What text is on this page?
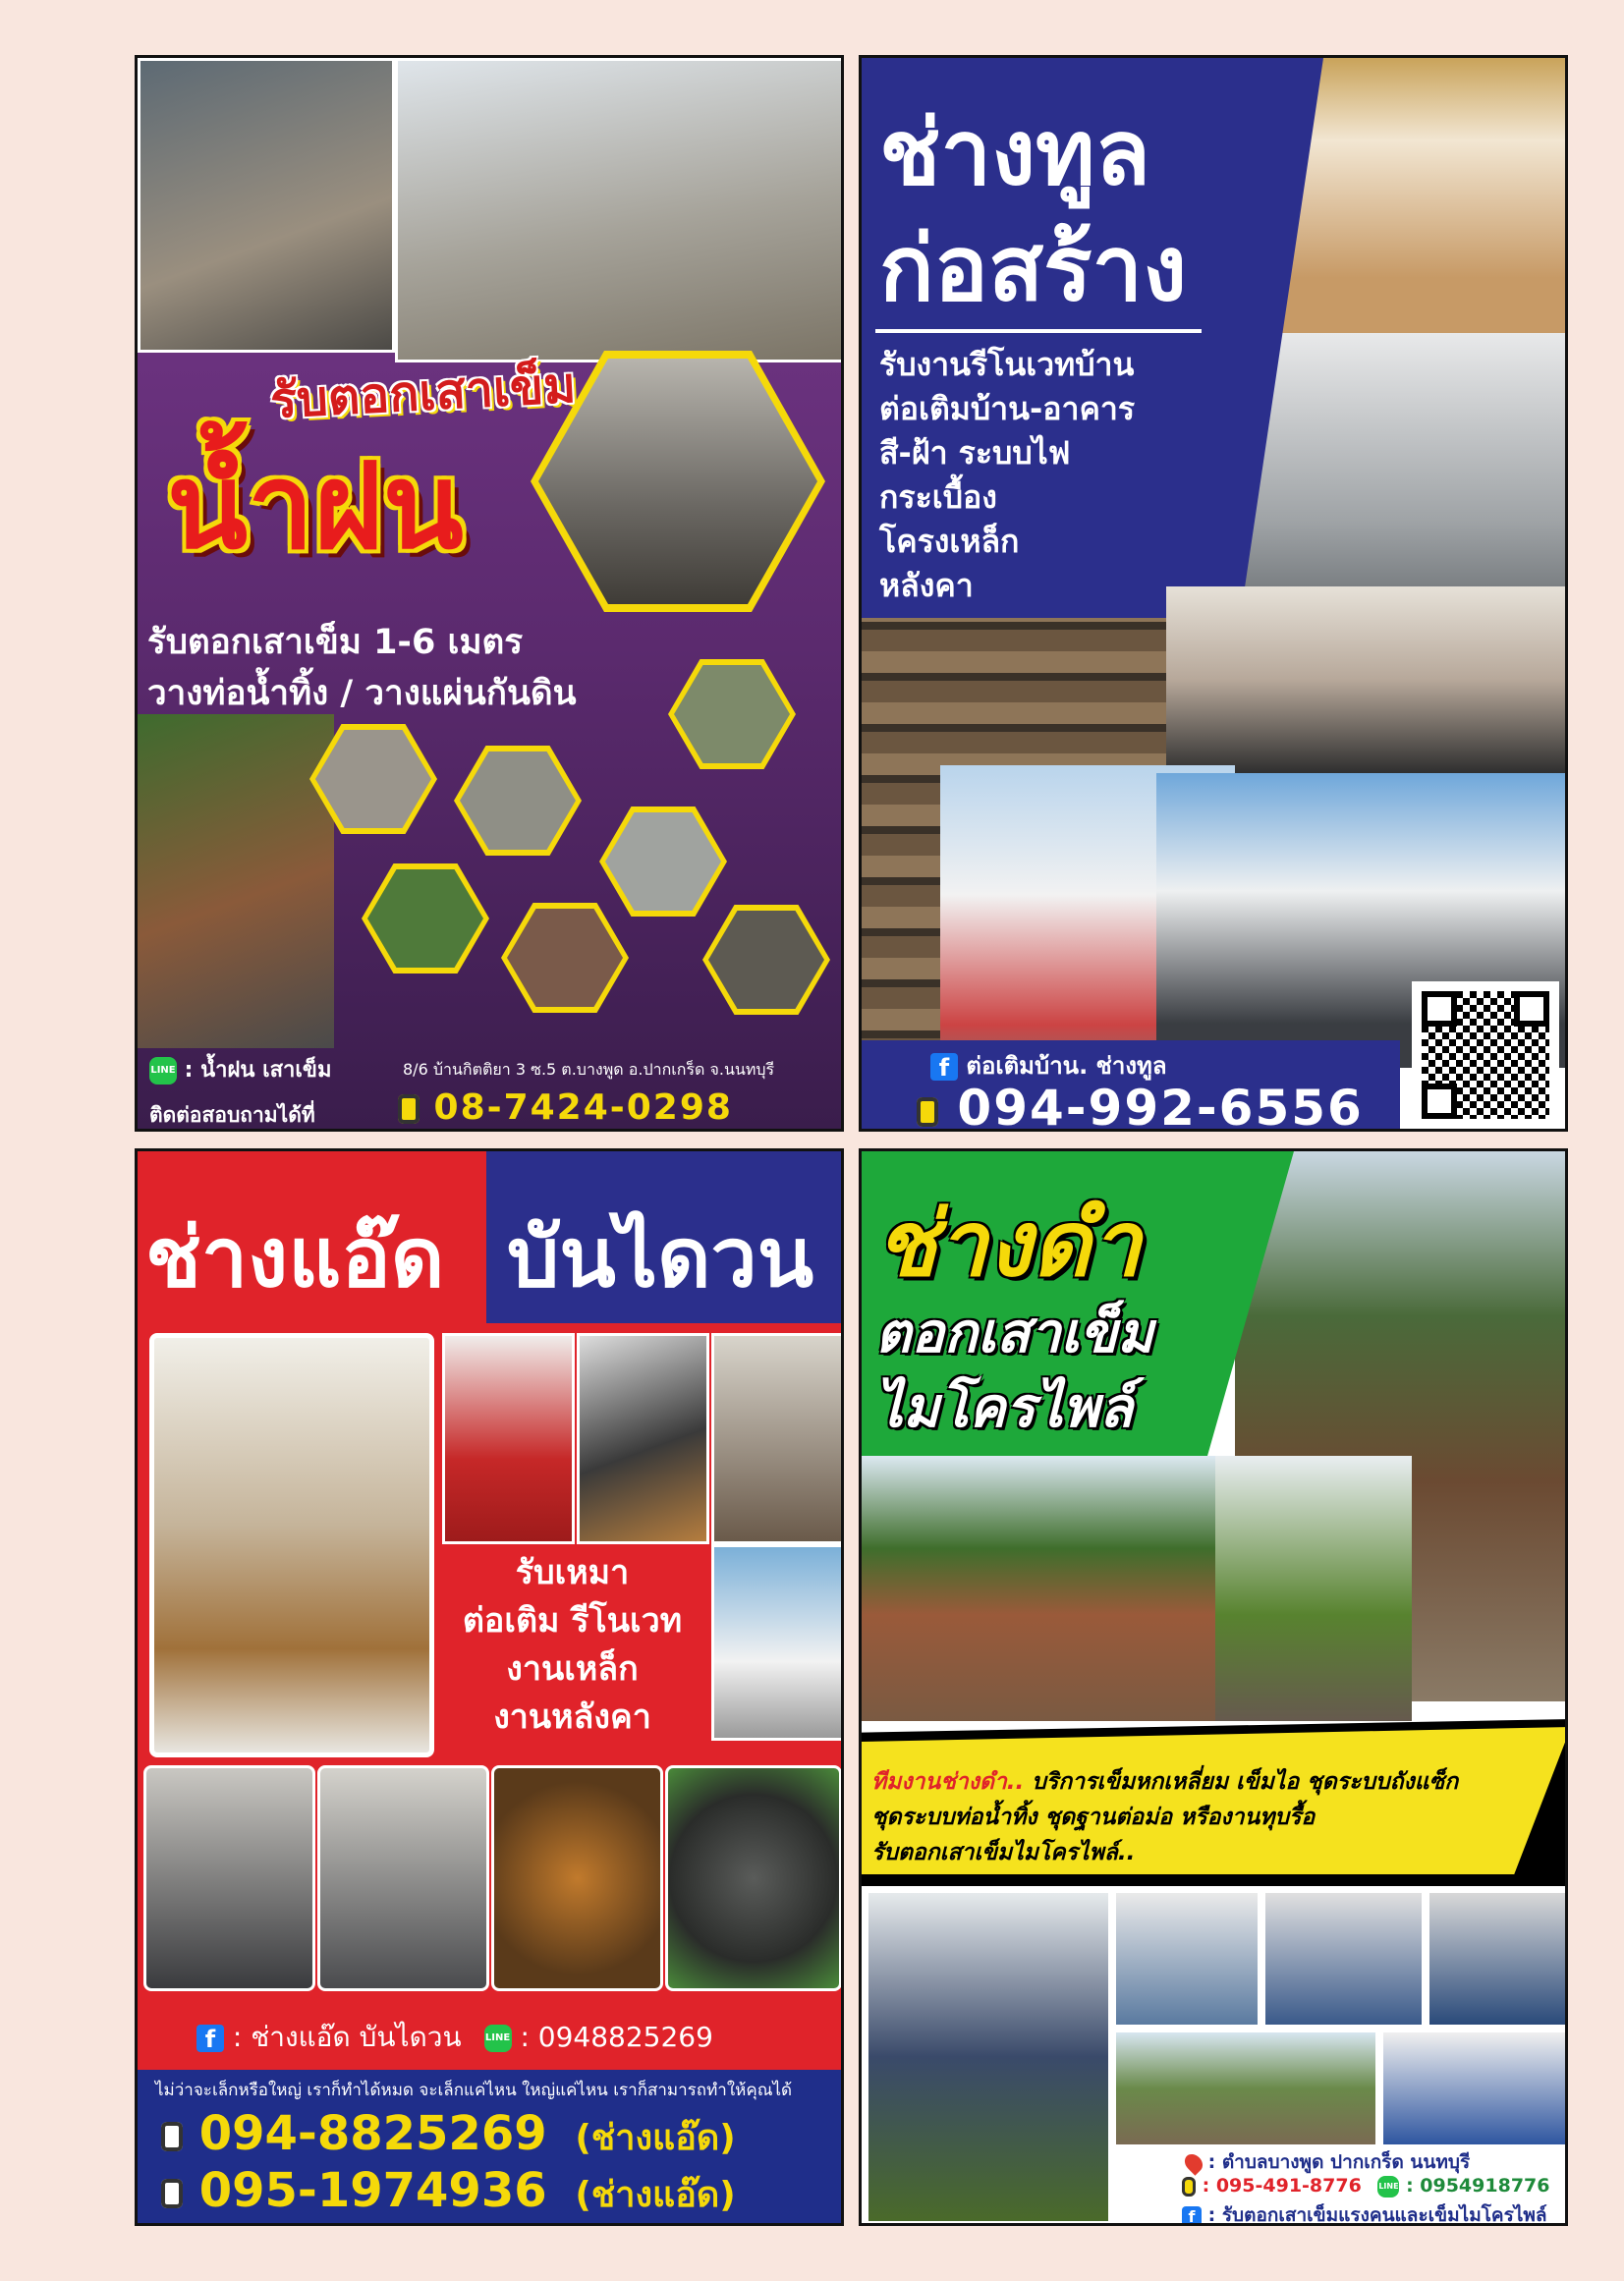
รับตอกเสาเข็ม
น้ำฝน
รับตอกเสาเข็ม 1-6 เมตร
วางท่อน้ำทิ้ง / วางแผ่นกันดิน
LINE : น้ำฝน เสาเข็ม	8/6 บ้านกิตติยา 3 ซ.5 ต.บางพูด อ.ปากเกร็ด จ.นนทบุรี
ติดต่อสอบถามได้ที่	08-7424-0298
ช่างทูล
ก่อสร้าง
รับงานรีโนเวทบ้าน
ต่อเติมบ้าน-อาคาร
สี-ฝ้า ระบบไฟ
กระเบื้อง
โครงเหล็ก
หลังคา
f ต่อเติมบ้าน. ช่างทูล
094-992-6556
ช่างแอ๊ด บันไดวน
รับเหมา
ต่อเติม รีโนเวท
งานเหล็ก
งานหลังคา
f : ช่างแอ๊ด บันไดวน LINE : 0948825269
ไม่ว่าจะเล็กหรือใหญ่ เราก็ทำได้หมด จะเล็กแค่ไหน ใหญ่แค่ไหน เราก็สามารถทำให้คุณได้
094-8825269 (ช่างแอ๊ด)
095-1974936 (ช่างแอ๊ด)
ช่างดำ
ตอกเสาเข็ม
ไมโครไพล์
ทีมงานช่างดำ.. บริการเข็มหกเหลี่ยม เข็มไอ ชุดระบบถังแซ็ก
ชุดระบบท่อน้ำทิ้ง ชุดฐานต่อม่อ หรืองานทุบรื้อ
รับตอกเสาเข็มไมโครไพล์..
: ตำบลบางพูด ปากเกร็ด นนทบุรี
: 095-491-8776 LINE : 0954918776
f : รับตอกเสาเข็มแรงคนและเข็มไมโครไพล์
